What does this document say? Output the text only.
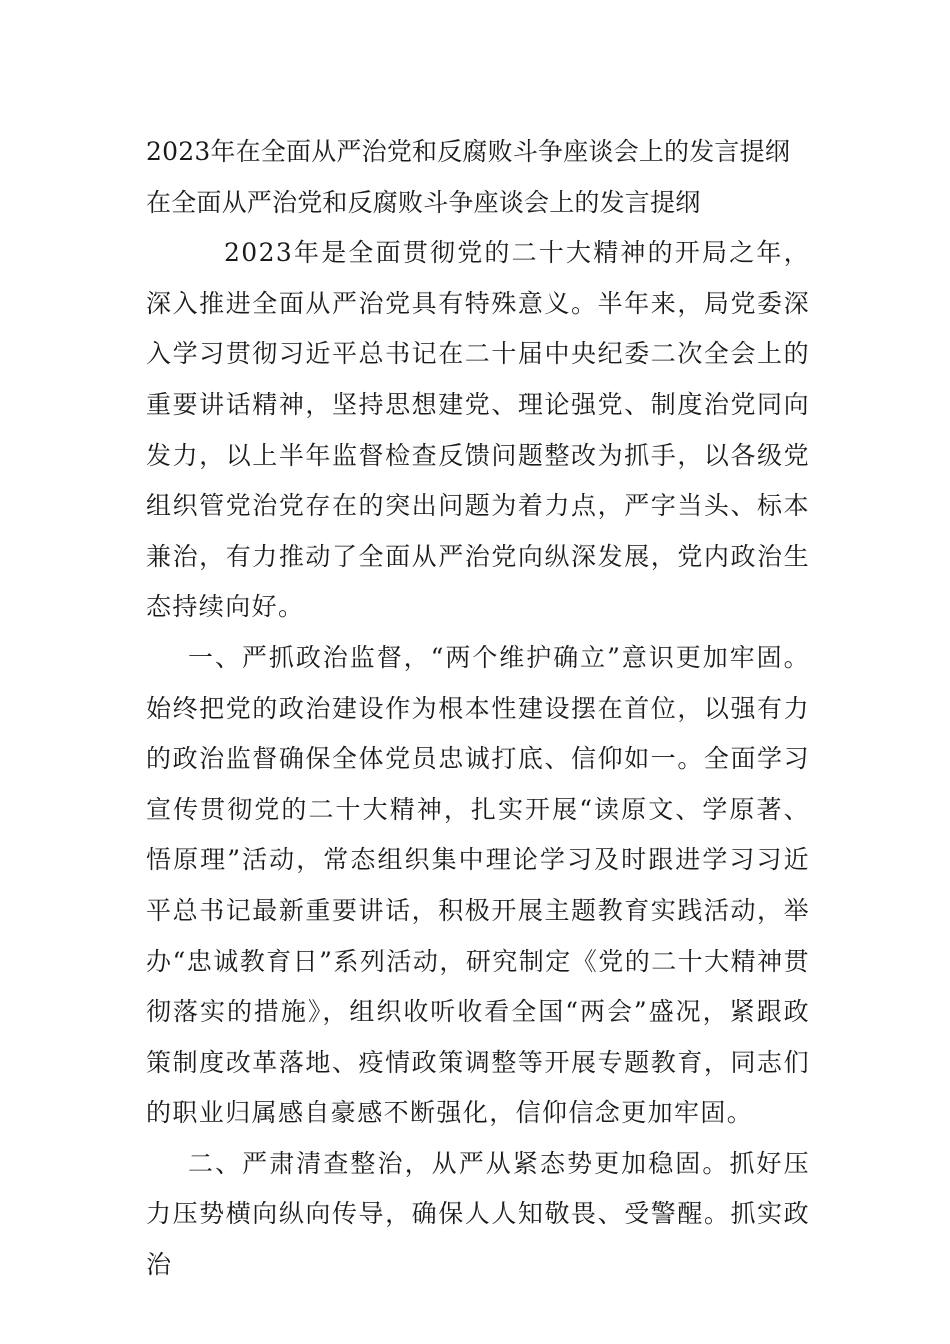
2023年在全面从严治党和反腐败斗争座谈会上的发言提纲

在全面从严治党和反腐败斗争座谈会上的发言提纲

2023年是全面贯彻党的二十大精神的开局之年，深入推进全面从严治党具有特殊意义。半年来，局党委深入学习贯彻习近平总书记在二十届中央纪委二次全会上的重要讲话精神，坚持思想建党、理论强党、制度治党同向发力，以上半年监督检查反馈问题整改为抓手，以各级党组织管党治党存在的突出问题为着力点，严字当头、标本兼治，有力推动了全面从严治党向纵深发展，党内政治生态持续向好。

一、严抓政治监督，“两个维护确立”意识更加牢固。始终把党的政治建设作为根本性建设摆在首位，以强有力的政治监督确保全体党员忠诚打底、信仰如一。全面学习宣传贯彻党的二十大精神，扎实开展“读原文、学原著、悟原理”活动，常态组织集中理论学习及时跟进学习习近平总书记最新重要讲话，积极开展主题教育实践活动，举办“忠诚教育日”系列活动，研究制定《党的二十大精神贯彻落实的措施》，组织收听收看全国“两会”盛况，紧跟政策制度改革落地、疫情政策调整等开展专题教育，同志们的职业归属感自豪感不断强化，信仰信念更加牢固。

二、严肃清查整治，从严从紧态势更加稳固。抓好压力压势横向纵向传导，确保人人知敬畏、受警醒。抓实政治
